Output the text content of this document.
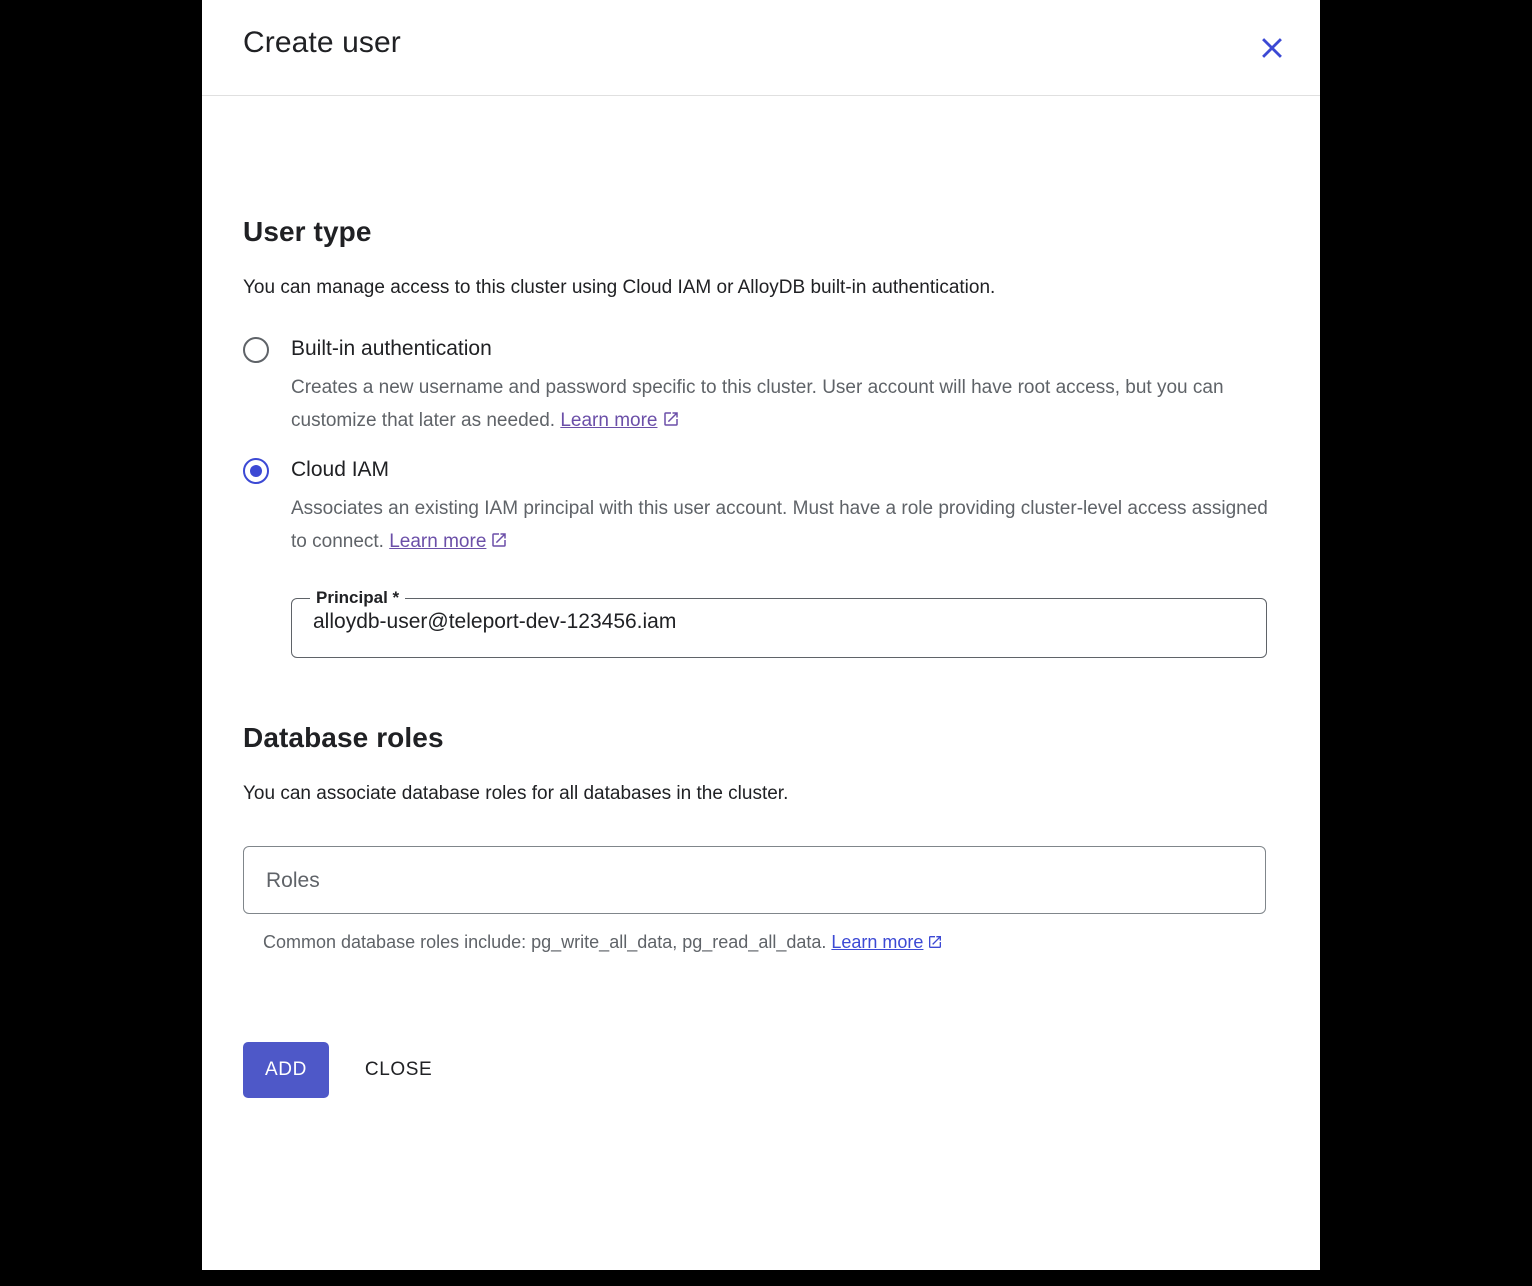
Create user
User type

You can manage access to this cluster using Cloud IAM or AlloyDB built-in authentication.

Built-in authentication
Creates a new username and password specific to this cluster. User account will have root access, but you can customize that later as needed. Learn more
Cloud IAM
Associates an existing IAM principal with this user account. Must have a role providing cluster-level access assigned to connect. Learn more
Principal *
alloydb-user@teleport-dev-123456.iam
Database roles

You can associate database roles for all databases in the cluster.

Roles
Common database roles include: pg_write_all_data, pg_read_all_data. Learn more
ADD	CLOSE
